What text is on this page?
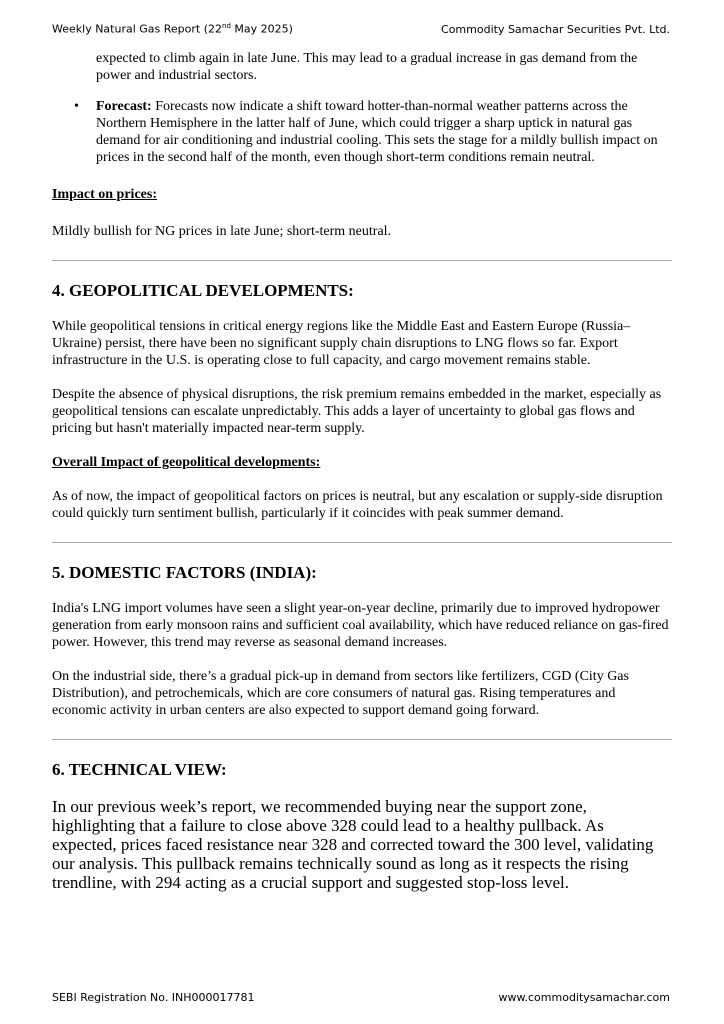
Weekly Natural Gas Report (22nd May 2025)	Commodity Samachar Securities Pvt. Ltd.

expected to climb again in late June. This may lead to a gradual increase in gas demand from the power and industrial sectors.

• Forecast: Forecasts now indicate a shift toward hotter-than-normal weather patterns across the Northern Hemisphere in the latter half of June, which could trigger a sharp uptick in natural gas demand for air conditioning and industrial cooling. This sets the stage for a mildly bullish impact on prices in the second half of the month, even though short-term conditions remain neutral.

Impact on prices:

Mildly bullish for NG prices in late June; short-term neutral.

4. GEOPOLITICAL DEVELOPMENTS:

While geopolitical tensions in critical energy regions like the Middle East and Eastern Europe (Russia–Ukraine) persist, there have been no significant supply chain disruptions to LNG flows so far. Export infrastructure in the U.S. is operating close to full capacity, and cargo movement remains stable.

Despite the absence of physical disruptions, the risk premium remains embedded in the market, especially as geopolitical tensions can escalate unpredictably. This adds a layer of uncertainty to global gas flows and pricing but hasn't materially impacted near-term supply.

Overall Impact of geopolitical developments:

As of now, the impact of geopolitical factors on prices is neutral, but any escalation or supply-side disruption could quickly turn sentiment bullish, particularly if it coincides with peak summer demand.

5. DOMESTIC FACTORS (INDIA):

India's LNG import volumes have seen a slight year-on-year decline, primarily due to improved hydropower generation from early monsoon rains and sufficient coal availability, which have reduced reliance on gas-fired power. However, this trend may reverse as seasonal demand increases.

On the industrial side, there’s a gradual pick-up in demand from sectors like fertilizers, CGD (City Gas Distribution), and petrochemicals, which are core consumers of natural gas. Rising temperatures and economic activity in urban centers are also expected to support demand going forward.

6. TECHNICAL VIEW:

In our previous week’s report, we recommended buying near the support zone, highlighting that a failure to close above 328 could lead to a healthy pullback. As expected, prices faced resistance near 328 and corrected toward the 300 level, validating our analysis. This pullback remains technically sound as long as it respects the rising trendline, with 294 acting as a crucial support and suggested stop-loss level.

SEBI Registration No. INH000017781	www.commoditysamachar.com
